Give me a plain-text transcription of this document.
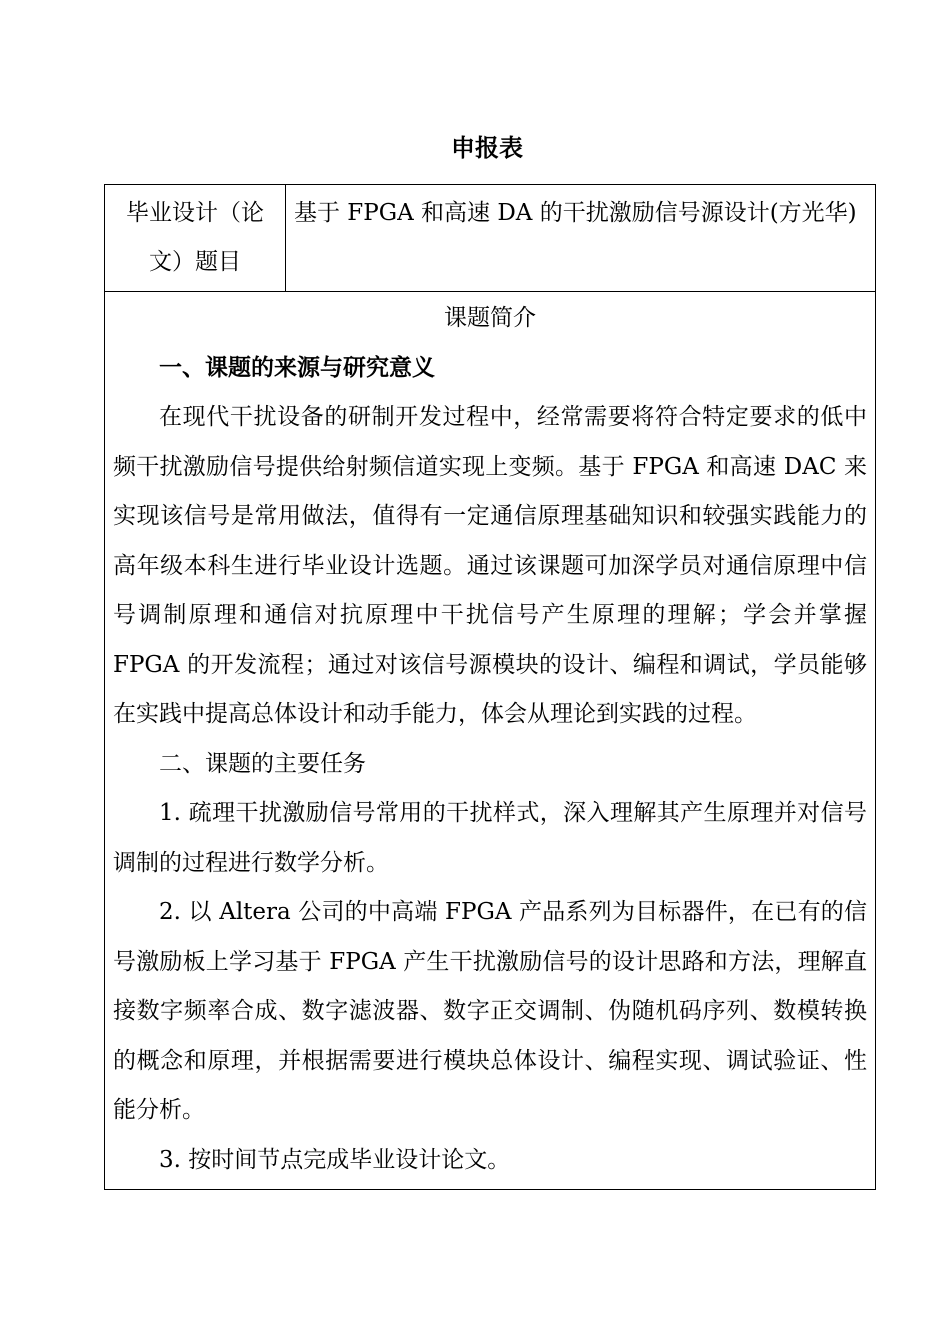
申报表
毕业设计（论文）题目	基于 FPGA 和高速 DA 的干扰激励信号源设计(方光华)

课题简介
一、课题的来源与研究意义

在现代干扰设备的研制开发过程中，经常需要将符合特定要求的低中频干扰激励信号提供给射频信道实现上变频。基于 FPGA 和高速 DAC 来实现该信号是常用做法，值得有一定通信原理基础知识和较强实践能力的高年级本科生进行毕业设计选题。通过该课题可加深学员对通信原理中信号调制原理和通信对抗原理中干扰信号产生原理的理解；学会并掌握 FPGA 的开发流程；通过对该信号源模块的设计、编程和调试，学员能够在实践中提高总体设计和动手能力，体会从理论到实践的过程。

二、课题的主要任务

1. 疏理干扰激励信号常用的干扰样式，深入理解其产生原理并对信号调制的过程进行数学分析。

2. 以 Altera 公司的中高端 FPGA 产品系列为目标器件，在已有的信号激励板上学习基于 FPGA 产生干扰激励信号的设计思路和方法，理解直接数字频率合成、数字滤波器、数字正交调制、伪随机码序列、数模转换的概念和原理，并根据需要进行模块总体设计、编程实现、调试验证、性能分析。

3. 按时间节点完成毕业设计论文。
